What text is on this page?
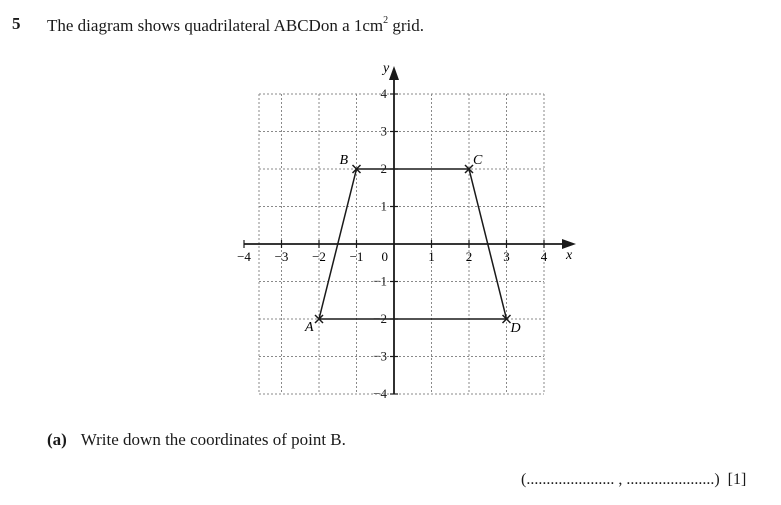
5 The diagram shows quadrilateral ABCDon a $1cm^2$ grid.
x
y
−4 −3 −2 −1 0	1 2 3 4
4
3
2
1
−1
−2
−3
−4
A
B	C
D
(a) Write down the coordinates of point B.
(...................... , ......................) [1]
